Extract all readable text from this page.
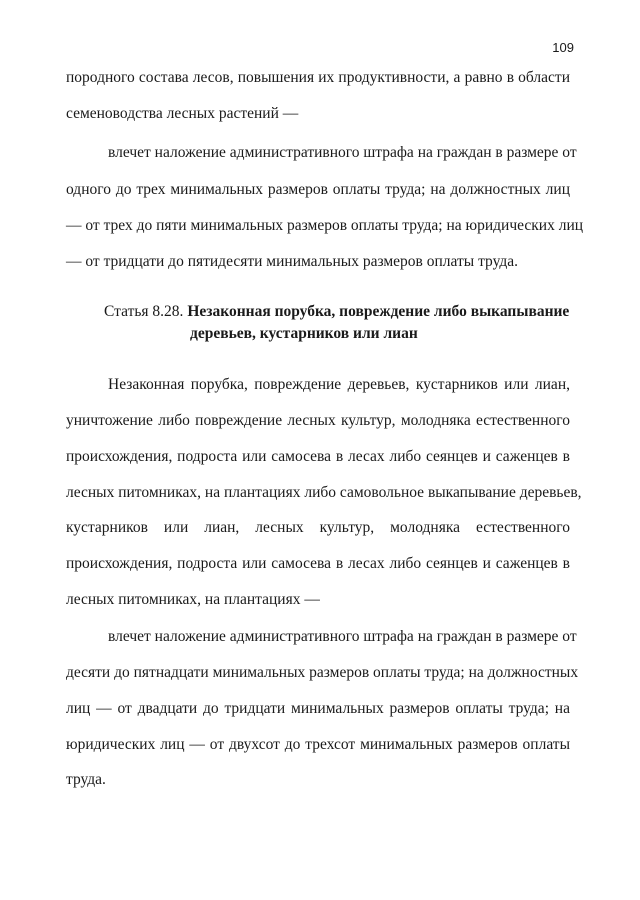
109
породного состава лесов, повышения их продуктивности, а равно в области
семеноводства лесных растений —
влечет наложение административного штрафа на граждан в размере от
одного до трех минимальных размеров оплаты труда; на должностных лиц
— от трех до пяти минимальных размеров оплаты труда; на юридических лиц
— от тридцати до пятидесяти минимальных размеров оплаты труда.
Статья 8.28. Незаконная порубка, повреждение либо выкапывание
деревьев, кустарников или лиан
Незаконная порубка, повреждение деревьев, кустарников или лиан,
уничтожение либо повреждение лесных культур, молодняка естественного
происхождения, подроста или самосева в лесах либо сеянцев и саженцев в
лесных питомниках, на плантациях либо самовольное выкапывание деревьев,
кустарников или лиан, лесных культур, молодняка естественного
происхождения, подроста или самосева в лесах либо сеянцев и саженцев в
лесных питомниках, на плантациях —
влечет наложение административного штрафа на граждан в размере от
десяти до пятнадцати минимальных размеров оплаты труда; на должностных
лиц — от двадцати до тридцати минимальных размеров оплаты труда; на
юридических лиц — от двухсот до трехсот минимальных размеров оплаты
труда.
